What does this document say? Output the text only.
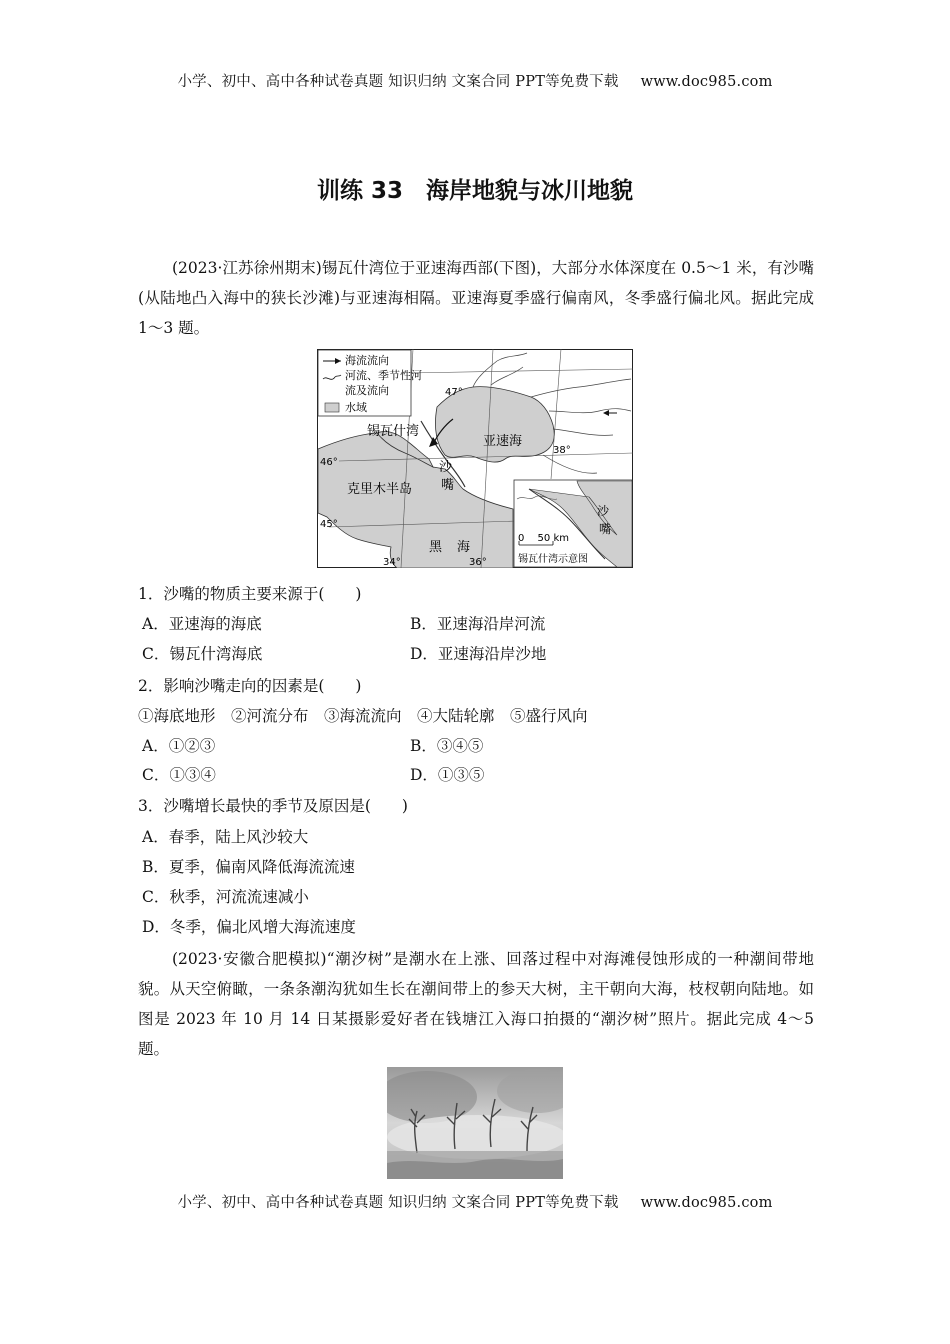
小学、初中、高中各种试卷真题 知识归纳 文案合同 PPT等免费下载 www.doc985.com
训练 33　海岸地貌与冰川地貌
(2023·江苏徐州期末)锡瓦什湾位于亚速海西部(下图)，大部分水体深度在 0.5～1 米，有沙嘴(从陆地凸入海中的狭长沙滩)与亚速海相隔。亚速海夏季盛行偏南风，冬季盛行偏北风。据此完成 1～3 题。
海流流向
河流、季节性河
流及流向
水域
47°
锡瓦什湾
亚速海
46°	沙
嘴
38°
克里木半岛
45°
黑 海
34°	36°
沙
嘴
0　 50 km
锡瓦什湾示意图
1．沙嘴的物质主要来源于(　　)
A．亚速海的海底	B．亚速海沿岸河流
C．锡瓦什湾海底	D．亚速海沿岸沙地
2．影响沙嘴走向的因素是(　　)
①海底地形　②河流分布　③海流流向　④大陆轮廓　⑤盛行风向
A．①②③	B．③④⑤
C．①③④	D．①③⑤
3．沙嘴增长最快的季节及原因是(　　)
A．春季，陆上风沙较大
B．夏季，偏南风降低海流流速
C．秋季，河流流速减小
D．冬季，偏北风增大海流速度
(2023·安徽合肥模拟)“潮汐树”是潮水在上涨、回落过程中对海滩侵蚀形成的一种潮间带地貌。从天空俯瞰，一条条潮沟犹如生长在潮间带上的参天大树，主干朝向大海，枝杈朝向陆地。如图是 2023 年 10 月 14 日某摄影爱好者在钱塘江入海口拍摄的“潮汐树”照片。据此完成 4～5 题。
小学、初中、高中各种试卷真题 知识归纳 文案合同 PPT等免费下载 www.doc985.com
